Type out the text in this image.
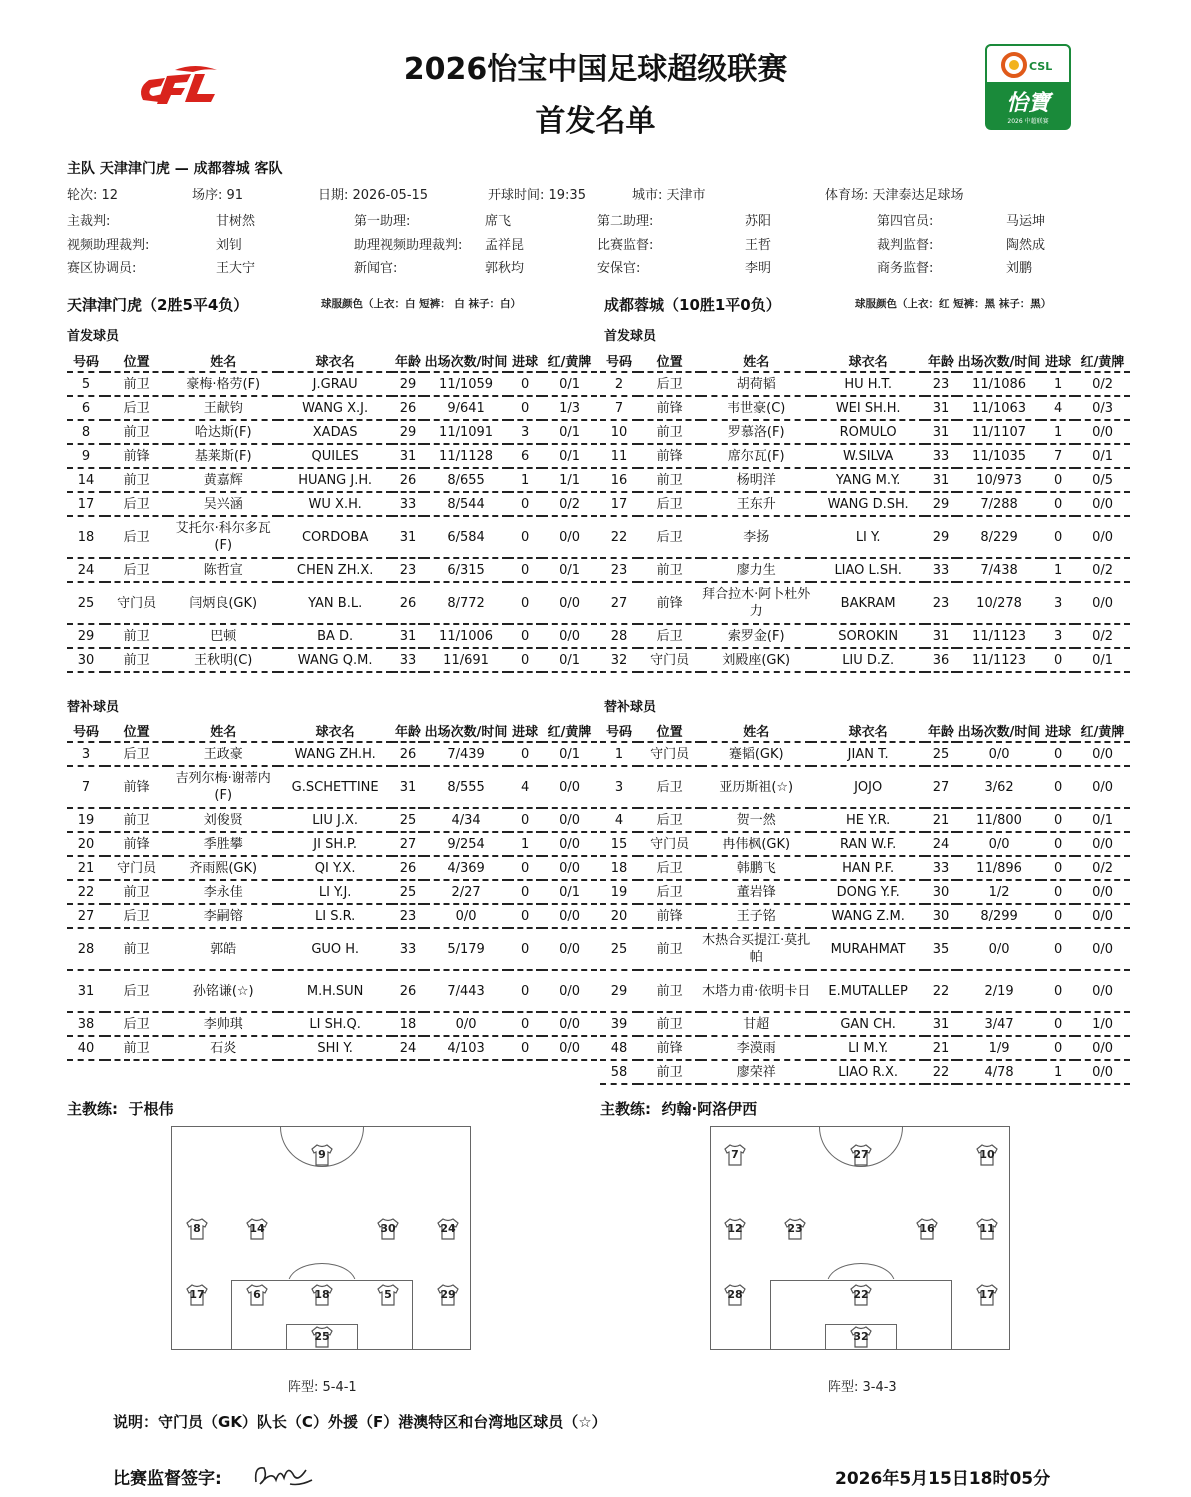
2026怡宝中国足球超级联赛
首发名单
CSL
怡寶
2026 中超联赛
主队 天津津门虎 — 成都蓉城 客队
轮次: 12	场序: 91	日期: 2026-05-15	开球时间: 19:35	城市: 天津市	体育场: 天津泰达足球场
主裁判:	甘树然	第一助理:	席飞	第二助理:	苏阳	第四官员:	马运坤
视频助理裁判:	刘钊	助理视频助理裁判: 孟祥昆	比赛监督:	王哲	裁判监督:	陶然成
赛区协调员:	王大宁	新闻官:	郭秋均	安保官:	李明	商务监督:	刘鹏
天津津门虎（2胜5平4负）	球服颜色（上衣：白 短裤： 白 袜子：白）	成都蓉城（10胜1平0负）	球服颜色（上衣：红 短裤：黑 袜子：黑）
首发球员	首发球员
替补球员	替补球员
号码	位置	姓名	球衣名	年龄	出场次数/时间	进球	红/黄牌
5	前卫	豪梅·格劳(F)	J.GRAU	29	11/1059	0	0/1
6	后卫	王献钧	WANG X.J.	26	9/641	0	1/3
8	前卫	哈达斯(F)	XADAS	29	11/1091	3	0/1
9	前锋	基莱斯(F)	QUILES	31	11/1128	6	0/1
14	前卫	黄嘉辉	HUANG J.H.	26	8/655	1	1/1
17	后卫	吴兴涵	WU X.H.	33	8/544	0	0/2
18	后卫	艾托尔·科尔多瓦(F)	CORDOBA	31	6/584	0	0/0
24	后卫	陈哲宣	CHEN ZH.X.	23	6/315	0	0/1
25	守门员	闫炳良(GK)	YAN B.L.	26	8/772	0	0/0
29	前卫	巴顿	BA D.	31	11/1006	0	0/0
30	前卫	王秋明(C)	WANG Q.M.	33	11/691	0	0/1
号码	位置	姓名	球衣名	年龄	出场次数/时间	进球	红/黄牌
2	后卫	胡荷韬	HU H.T.	23	11/1086	1	0/2
7	前锋	韦世豪(C)	WEI SH.H.	31	11/1063	4	0/3
10	前卫	罗慕洛(F)	ROMULO	31	11/1107	1	0/0
11	前锋	席尔瓦(F)	W.SILVA	33	11/1035	7	0/1
16	前卫	杨明洋	YANG M.Y.	31	10/973	0	0/5
17	后卫	王东升	WANG D.SH.	29	7/288	0	0/0
22	后卫	李扬	LI Y.	29	8/229	0	0/0
23	前卫	廖力生	LIAO L.SH.	33	7/438	1	0/2
27	前锋	拜合拉木·阿卜杜外力	BAKRAM	23	10/278	3	0/0
28	后卫	索罗金(F)	SOROKIN	31	11/1123	3	0/2
32	守门员	刘殿座(GK)	LIU D.Z.	36	11/1123	0	0/1
号码	位置	姓名	球衣名	年龄	出场次数/时间	进球	红/黄牌
3	后卫	王政豪	WANG ZH.H.	26	7/439	0	0/1
7	前锋	吉列尔梅·谢蒂内(F)	G.SCHETTINE	31	8/555	4	0/0
19	前卫	刘俊贤	LIU J.X.	25	4/34	0	0/0
20	前锋	季胜攀	JI SH.P.	27	9/254	1	0/0
21	守门员	齐雨熙(GK)	QI Y.X.	26	4/369	0	0/0
22	前卫	李永佳	LI Y.J.	25	2/27	0	0/1
27	后卫	李嗣镕	LI S.R.	23	0/0	0	0/0
28	前卫	郭皓	GUO H.	33	5/179	0	0/0
31	后卫	孙铭谦(☆)	M.H.SUN	26	7/443	0	0/0
38	后卫	李帅琪	LI SH.Q.	18	0/0	0	0/0
40	前卫	石炎	SHI Y.	24	4/103	0	0/0
号码	位置	姓名	球衣名	年龄	出场次数/时间	进球	红/黄牌
1	守门员	蹇韬(GK)	JIAN T.	25	0/0	0	0/0
3	后卫	亚历斯祖(☆)	JOJO	27	3/62	0	0/0
4	后卫	贺一然	HE Y.R.	21	11/800	0	0/1
15	守门员	冉伟枫(GK)	RAN W.F.	24	0/0	0	0/0
18	后卫	韩鹏飞	HAN P.F.	33	11/896	0	0/2
19	后卫	董岩锋	DONG Y.F.	30	1/2	0	0/0
20	前锋	王子铭	WANG Z.M.	30	8/299	0	0/0
25	前卫	木热合买提江·莫扎帕	MURAHMAT	35	0/0	0	0/0
29	前卫	木塔力甫·依明卡日	E.MUTALLEP	22	2/19	0	0/0
39	前卫	甘超	GAN CH.	31	3/47	0	1/0
48	前锋	李漠雨	LI M.Y.	21	1/9	0	0/0
58	前卫	廖荣祥	LIAO R.X.	22	4/78	1	0/0
主教练: 于根伟	主教练: 约翰·阿洛伊西
9
8	14	30	24
17	6	18	5	29
25
7	27	10
12	23	16	11
28	22	17
32
阵型: 5-4-1	阵型: 3-4-3
说明：守门员（GK）队长（C）外援（F）港澳特区和台湾地区球员（☆）
比赛监督签字:	2026年5月15日18时05分
